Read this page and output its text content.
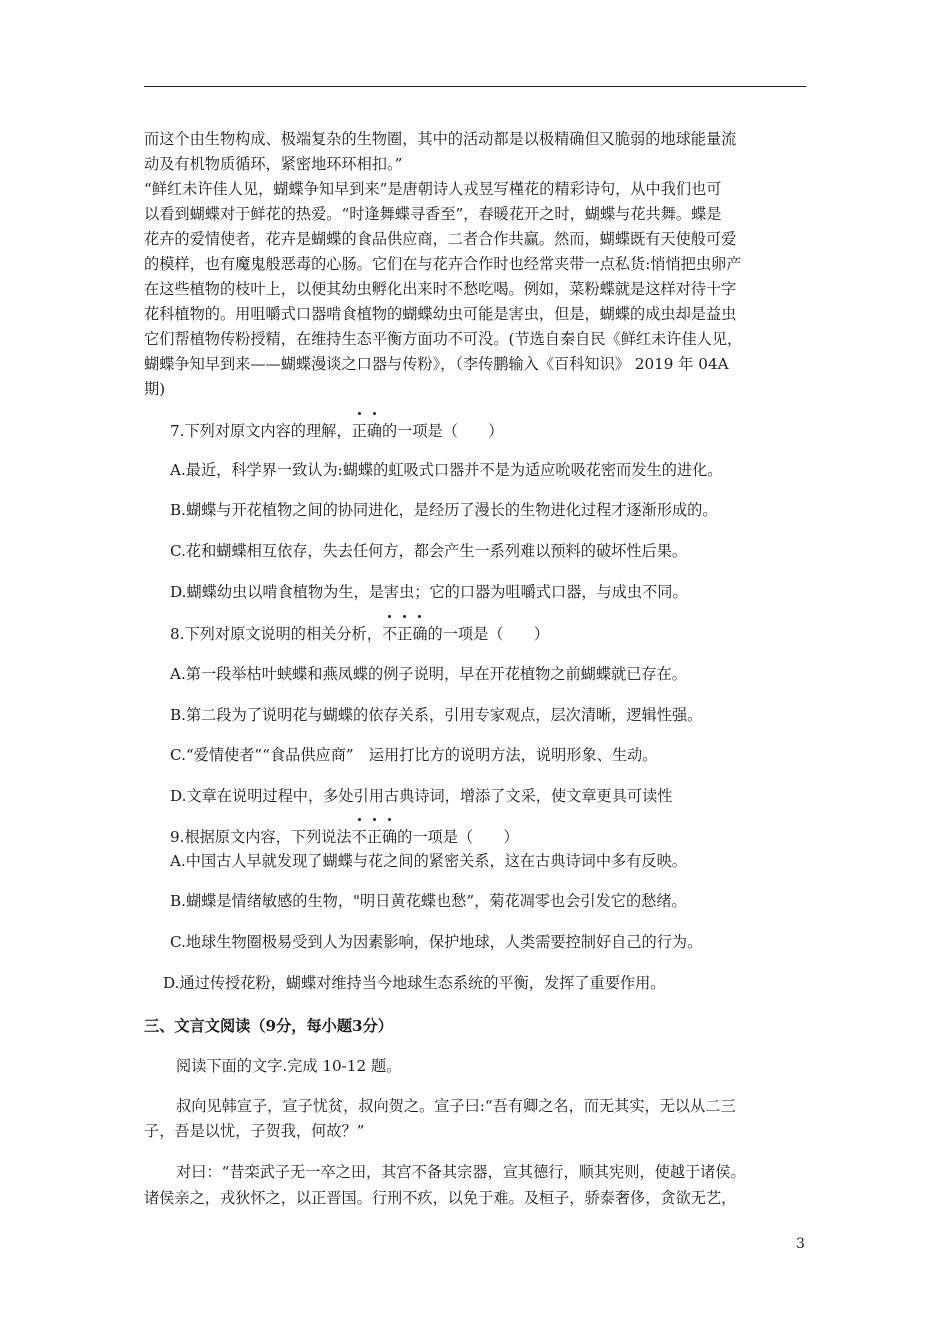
而这个由生物构成、极端复杂的生物圈，其中的活动都是以极精确但又脆弱的地球能量流
动及有机物质循环，紧密地环环相扣。”
“鲜红未许佳人见，蝴蝶争知早到来”是唐朝诗人戎昱写槿花的精彩诗句，从中我们也可
以看到蝴蝶对于鲜花的热爱。“时逢舞蝶寻香至”，春暖花开之时，蝴蝶与花共舞。蝶是
花卉的爱情使者，花卉是蝴蝶的食品供应商，二者合作共赢。然而，蝴蝶既有天使般可爱
的模样，也有魔鬼般恶毒的心肠。它们在与花卉合作时也经常夹带一点私货:悄悄把虫卵产
在这些植物的枝叶上，以便其幼虫孵化出来时不愁吃喝。例如，菜粉蝶就是这样对待十字
花科植物的。用咀嚼式口器啃食植物的蝴蝶幼虫可能是害虫，但是，蝴蝶的成虫却是益虫
它们帮植物传粉授精，在维持生态平衡方面功不可没。(节选自秦自民《鲜红未许佳人见，
蝴蝶争知早到来——蝴蝶漫谈之口器与传粉》，（李传鹏输入《百科知识》 2019 年 04A
期)
7.下列对原文内容的理解，正确的一项是（　　）
A.最近，科学界一致认为:蝴蝶的虹吸式口器并不是为适应吮吸花密而发生的进化。
B.蝴蝶与开花植物之间的协同进化，是经历了漫长的生物进化过程才逐渐形成的。
C.花和蝴蝶相互依存，失去任何方，都会产生一系列难以预料的破坏性后果。
D.蝴蝶幼虫以啃食植物为生，是害虫；它的口器为咀嚼式口器，与成虫不同。
8.下列对原文说明的相关分析，不正确的一项是（　　）
A.第一段举枯叶蛱蝶和燕凤蝶的例子说明，早在开花植物之前蝴蝶就已存在。
B.第二段为了说明花与蝴蝶的依存关系，引用专家观点，层次清晰，逻辑性强。
C.“爱情使者”“食品供应商”　运用打比方的说明方法，说明形象、生动。
D.文章在说明过程中，多处引用古典诗词，增添了文采，使文章更具可读性
9.根据原文内容，下列说法不正确的一项是（　　）
A.中国古人早就发现了蝴蝶与花之间的紧密关系，这在古典诗词中多有反映。
B.蝴蝶是情绪敏感的生物，"明日黄花蝶也愁”，菊花凋零也会引发它的愁绪。
C.地球生物圈极易受到人为因素影响，保护地球，人类需要控制好自己的行为。
D.通过传授花粉，蝴蝶对维持当今地球生态系统的平衡，发挥了重要作用。
三、文言文阅读（9分，每小题3分）
阅读下面的文字.完成 10-12 题。
叔向见韩宣子，宣子忧贫，叔向贺之。宣子曰:“吾有卿之名，而无其实，无以从二三
子，吾是以忧，子贺我，何故？”
对曰：“昔栾武子无一卒之田，其宫不备其宗器，宣其德行，顺其宪则，使越于诸侯。
诸侯亲之，戎狄怀之，以正晋国。行刑不疚，以免于难。及桓子，骄泰奢侈，贪欲无艺，
3
